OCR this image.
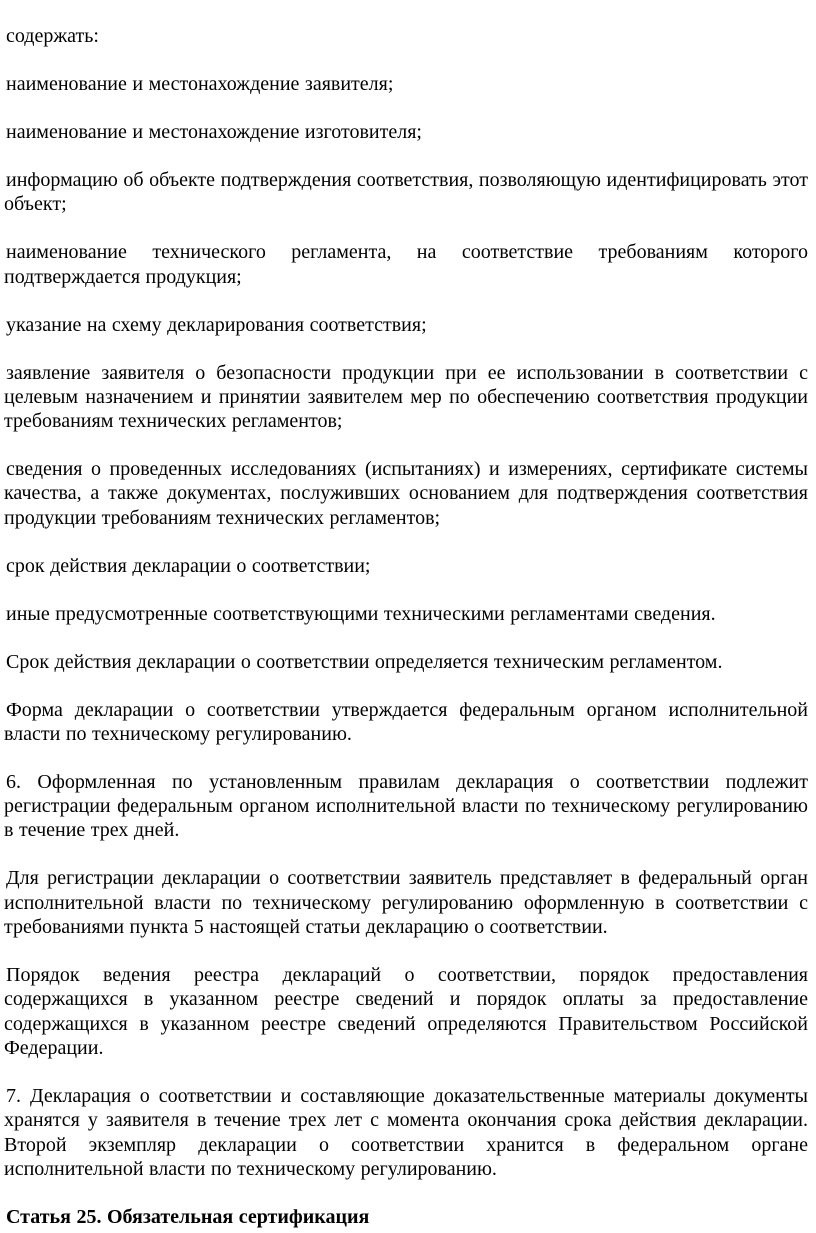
содержать:

наименование и местонахождение заявителя;

наименование и местонахождение изготовителя;

информацию об объекте подтверждения соответствия, позволяющую идентифицировать этот объект;

наименование технического регламента, на соответствие требованиям которого подтверждается продукция;

указание на схему декларирования соответствия;

заявление заявителя о безопасности продукции при ее использовании в соответствии с целевым назначением и принятии заявителем мер по обеспечению соответствия продукции требованиям технических регламентов;

сведения о проведенных исследованиях (испытаниях) и измерениях, сертификате системы качества, а также документах, послуживших основанием для подтверждения соответствия продукции требованиям технических регламентов;

срок действия декларации о соответствии;

иные предусмотренные соответствующими техническими регламентами сведения.

Срок действия декларации о соответствии определяется техническим регламентом.

Форма декларации о соответствии утверждается федеральным органом исполнительной власти по техническому регулированию.

6. Оформленная по установленным правилам декларация о соответствии подлежит регистрации федеральным органом исполнительной власти по техническому регулированию в течение трех дней.

Для регистрации декларации о соответствии заявитель представляет в федеральный орган исполнительной власти по техническому регулированию оформленную в соответствии с требованиями пункта 5 настоящей статьи декларацию о соответствии.

Порядок ведения реестра деклараций о соответствии, порядок предоставления содержащихся в указанном реестре сведений и порядок оплаты за предоставление содержащихся в указанном реестре сведений определяются Правительством Российской Федерации.

7. Декларация о соответствии и составляющие доказательственные материалы документы хранятся у заявителя в течение трех лет с момента окончания срока действия декларации. Второй экземпляр декларации о соответствии хранится в федеральном органе исполнительной власти по техническому регулированию.

Статья 25. Обязательная сертификация
